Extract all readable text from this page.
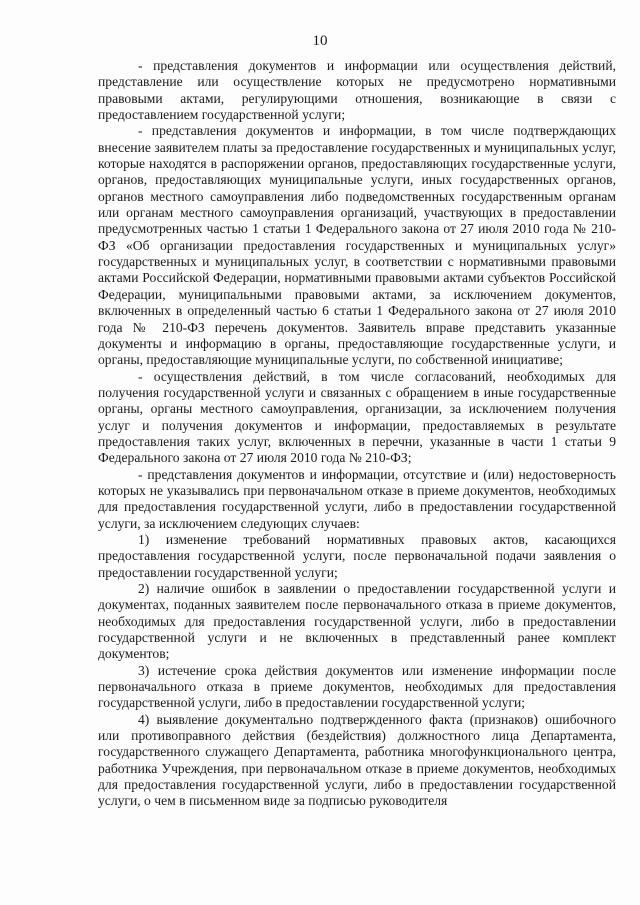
10

- представления документов и информации или осуществления действий, представление или осуществление которых не предусмотрено нормативными правовыми актами, регулирующими отношения, возникающие в связи с предоставлением государственной услуги;

- представления документов и информации, в том числе подтверждающих внесение заявителем платы за предоставление государственных и муниципальных услуг, которые находятся в распоряжении органов, предоставляющих государственные услуги, органов, предоставляющих муниципальные услуги, иных государственных органов, органов местного самоуправления либо подведомственных государственным органам или органам местного самоуправления организаций, участвующих в предоставлении предусмотренных частью 1 статьи 1 Федерального закона от 27 июля 2010 года № 210-ФЗ «Об организации предоставления государственных и муниципальных услуг» государственных и муниципальных услуг, в соответствии с нормативными правовыми актами Российской Федерации, нормативными правовыми актами субъектов Российской Федерации, муниципальными правовыми актами, за исключением документов, включенных в определенный частью 6 статьи 1 Федерального закона от 27 июля 2010 года № 210-ФЗ перечень документов. Заявитель вправе представить указанные документы и информацию в органы, предоставляющие государственные услуги, и органы, предоставляющие муниципальные услуги, по собственной инициативе;

- осуществления действий, в том числе согласований, необходимых для получения государственной услуги и связанных с обращением в иные государственные органы, органы местного самоуправления, организации, за исключением получения услуг и получения документов и информации, предоставляемых в результате предоставления таких услуг, включенных в перечни, указанные в части 1 статьи 9 Федерального закона от 27 июля 2010 года № 210-ФЗ;

- представления документов и информации, отсутствие и (или) недостоверность которых не указывались при первоначальном отказе в приеме документов, необходимых для предоставления государственной услуги, либо в предоставлении государственной услуги, за исключением следующих случаев:

1) изменение требований нормативных правовых актов, касающихся предоставления государственной услуги, после первоначальной подачи заявления о предоставлении государственной услуги;

2) наличие ошибок в заявлении о предоставлении государственной услуги и документах, поданных заявителем после первоначального отказа в приеме документов, необходимых для предоставления государственной услуги, либо в предоставлении государственной услуги и не включенных в представленный ранее комплект документов;

3) истечение срока действия документов или изменение информации после первоначального отказа в приеме документов, необходимых для предоставления государственной услуги, либо в предоставлении государственной услуги;

4) выявление документально подтвержденного факта (признаков) ошибочного или противоправного действия (бездействия) должностного лица Департамента, государственного служащего Департамента, работника многофункционального центра, работника Учреждения, при первоначальном отказе в приеме документов, необходимых для предоставления государственной услуги, либо в предоставлении государственной услуги, о чем в письменном виде за подписью руководителя
